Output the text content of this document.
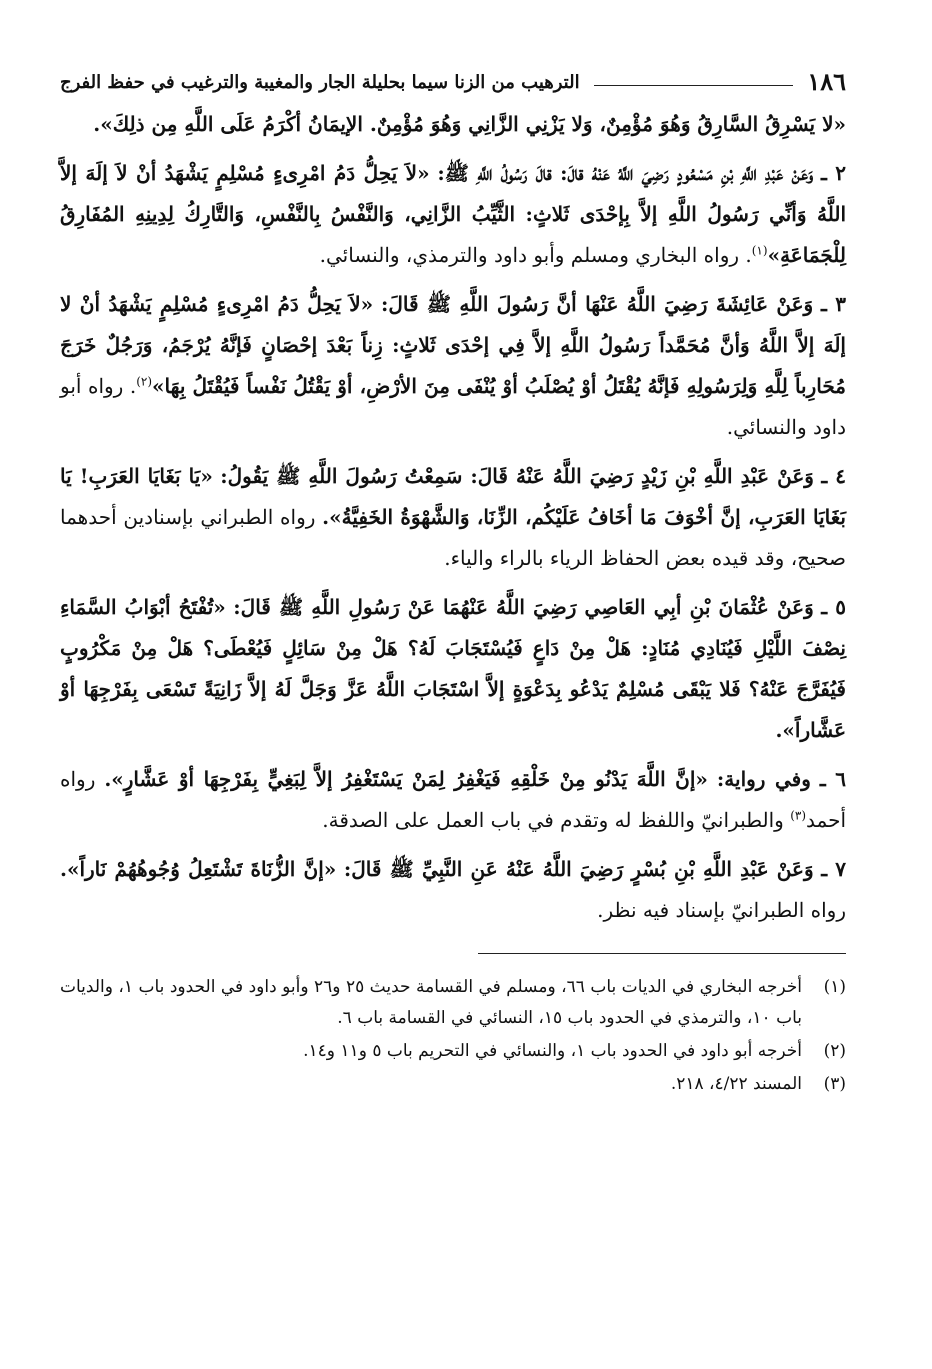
١٨٦
الترهيب من الزنا سيما بحليلة الجار والمغيبة والترغيب في حفظ الفرج

«لا يَسْرِقُ السَّارِقُ وَهُوَ مُؤْمِنٌ، وَلا يَزْنِي الزَّانِي وَهُوَ مُؤْمِنٌ. الإيمَانُ أكْرَمُ عَلَى اللَّهِ مِن ذلِكَ».

٢ ـ وَعَنْ عَبْدِ اللَّهِ بْنِ مَسْعُودٍ رَضِيَ اللَّهُ عَنْهُ قالَ: قالَ رَسُولُ اللَّهِ ﷺ: «لاَ يَحِلُّ دَمُ امْرِىءٍ مُسْلِمٍ يَشْهَدُ أنْ لاَ إلَهَ إلاَّ اللَّهُ وَأنِّي رَسُولُ اللَّهِ إلاَّ بِإحْدَى ثَلاثٍ: الثَّيِّبُ الزَّانِي، وَالنَّفْسُ بِالنَّفْسِ، وَالتَّارِكُ لِدِينِهِ المُفَارِقُ لِلْجَمَاعَةِ»$^{(١)}$. رواه البخاري ومسلم وأبو داود والترمذي، والنسائي.

٣ ـ وَعَنْ عَائِشَةَ رَضِيَ اللَّهُ عَنْهَا أنَّ رَسُولَ اللَّهِ ﷺ قَالَ: «لاَ يَحِلُّ دَمُ امْرِىءٍ مُسْلِمٍ يَشْهَدُ أنْ لا إلَهَ إلاَّ اللَّهُ وَأنَّ مُحَمَّداً رَسُولُ اللَّهِ إلاَّ فِي إحْدَى ثَلاثٍ: زِناً بَعْدَ إحْصَانٍ فَإنَّهُ يُرْجَمُ، وَرَجُلٌ خَرَجَ مُحَارِباً لِلَّهِ وَلِرَسُولِهِ فَإنَّهُ يُقْتَلُ أوْ يُصْلَبُ أوْ يُنْفَى مِنَ الأرْضِ، أوْ يَقْتُلُ نَفْساً فَيُقْتَلُ بِهَا»$^{(٢)}$. رواه أبو داود والنسائي.

٤ ـ وَعَنْ عَبْدِ اللَّهِ بْنِ زَيْدٍ رَضِيَ اللَّهُ عَنْهُ قَالَ: سَمِعْتُ رَسُولَ اللَّهِ ﷺ يَقُولُ: «يَا بَغَايَا العَرَبِ! يَا بَغَايَا العَرَبِ، إنَّ أخْوَفَ مَا أخَافُ عَلَيْكُم، الزِّنَا، وَالشَّهْوَةُ الخَفِيَّةُ». رواه الطبراني بإسنادين أحدهما صحيح، وقد قيده بعض الحفاظ الرياء بالراء والياء.

٥ ـ وَعَنْ عُثْمَانَ بْنِ أبِي العَاصِي رَضِيَ اللَّهُ عَنْهُمَا عَنْ رَسُولِ اللَّهِ ﷺ قَالَ: «تُفْتَحُ أبْوَابُ السَّمَاءِ نِصْفَ اللَّيْلِ فَيُنَادِي مُنَادٍ: هَلْ مِنْ دَاعٍ فَيُسْتَجَابَ لَهُ؟ هَلْ مِنْ سَائِلٍ فَيُعْطَى؟ هَلْ مِنْ مَكْرُوبٍ فَيُفَرَّجَ عَنْهُ؟ فَلا يَبْقَى مُسْلِمٌ يَدْعُو بِدَعْوَةٍ إلاَّ اسْتَجَابَ اللَّهُ عَزَّ وَجَلَّ لَهُ إلاَّ زَانِيَةً تَسْعَى بِفَرْجِهَا أوْ عَشَّاراً».

٦ ـ وفي رواية: «إنَّ اللَّهَ يَدْنُو مِنْ خَلْقِهِ فَيَغْفِرُ لِمَنْ يَسْتَغْفِرُ إلاَّ لِبَغِيٍّ بِفَرْجِهَا أوْ عَشَّارٍ». رواه أحمد$^{(٣)}$ والطبرانيّ واللفظ له وتقدم في باب العمل على الصدقة.

٧ ـ وَعَنْ عَبْدِ اللَّهِ بْنِ بُسْرٍ رَضِيَ اللَّهُ عَنْهُ عَنِ النَّبِيِّ ﷺ قَالَ: «إنَّ الزُّنَاةَ تَشْتَعِلُ وُجُوهُهُمْ نَاراً». رواه الطبرانيّ بإسناد فيه نظر.

(١)
أخرجه البخاري في الديات باب ٦٦، ومسلم في القسامة حديث ٢٥ و٢٦ وأبو داود في الحدود باب ١، والديات باب ١٠، والترمذي في الحدود باب ١٥، النسائي في القسامة باب ٦.
(٢)
أخرجه أبو داود في الحدود باب ١، والنسائي في التحريم باب ٥ و١١ و١٤.
(٣)
المسند ٤/٢٢، ٢١٨.
